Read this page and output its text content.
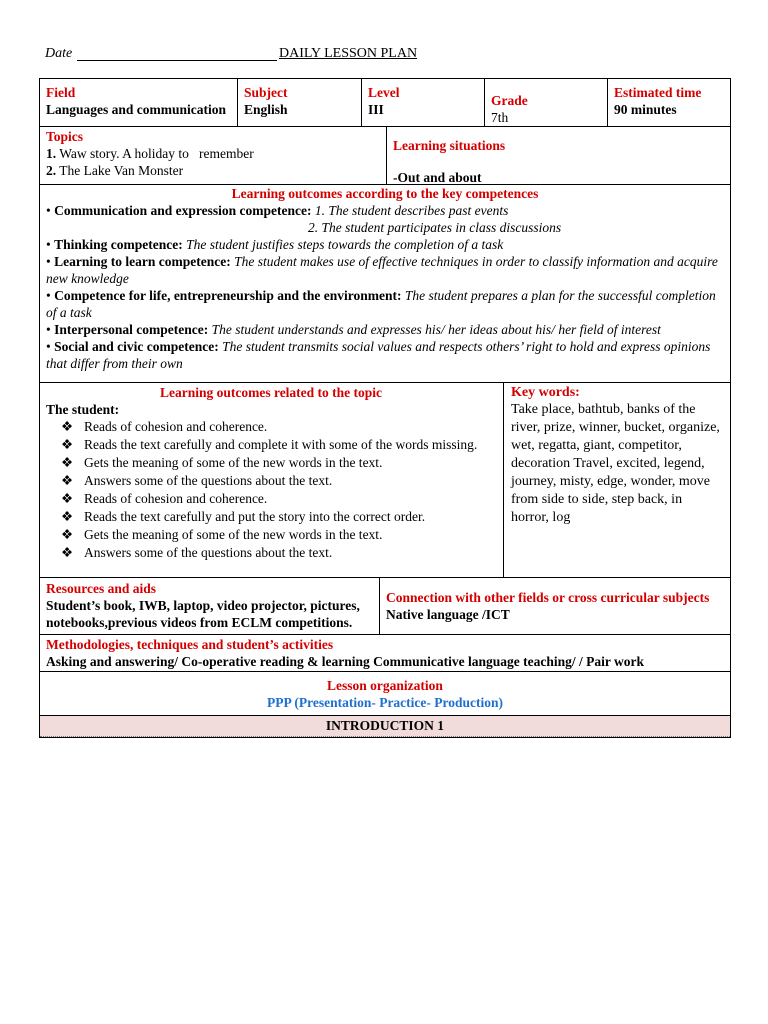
Date	DAILY LESSON PLAN
Field
Languages and communication
Subject
English
Level
III
Grade
7th
Estimated time
90 minutes
Topics
1. Waw story. A holiday to   remember
2. The Lake Van Monster
Learning situations
-Out and about
Learning outcomes according to the key competences
• Communication and expression competence: 1. The student describes past events
2. The student participates in class discussions
• Thinking competence: The student justifies steps towards the completion of a task
• Learning to learn competence: The student makes use of effective techniques in order to classify information and acquire new knowledge
• Competence for life, entrepreneurship and the environment: The student prepares a plan for the successful completion of a task
• Interpersonal competence: The student understands and expresses his/ her ideas about his/ her field of interest
• Social and civic competence: The student transmits social values and respects others’ right to hold and express opinions that differ from their own
Learning outcomes related to the topic
The student:
❖ Reads of cohesion and coherence.
❖ Reads the text carefully and complete it with some of the words missing.
❖ Gets the meaning of some of the new words in the text.
❖ Answers some of the questions about the text.
❖ Reads of cohesion and coherence.
❖ Reads the text carefully and put the story into the correct order.
❖ Gets the meaning of some of the new words in the text.
❖ Answers some of the questions about the text.
Key words:
Take place, bathtub, banks of the river, prize, winner, bucket, organize, wet, regatta, giant, competitor, decoration Travel, excited, legend, journey, misty, edge, wonder, move from side to side, step back, in horror, log
Resources and aids
Student’s book, IWB, laptop, video projector, pictures, notebooks,previous videos from ECLM competitions.
Connection with other fields or cross curricular subjects
Native language /ICT
Methodologies, techniques and student’s activities
Asking and answering/ Co-operative reading & learning Communicative language teaching/ / Pair work
Lesson organization
PPP (Presentation- Practice- Production)
INTRODUCTION 1
